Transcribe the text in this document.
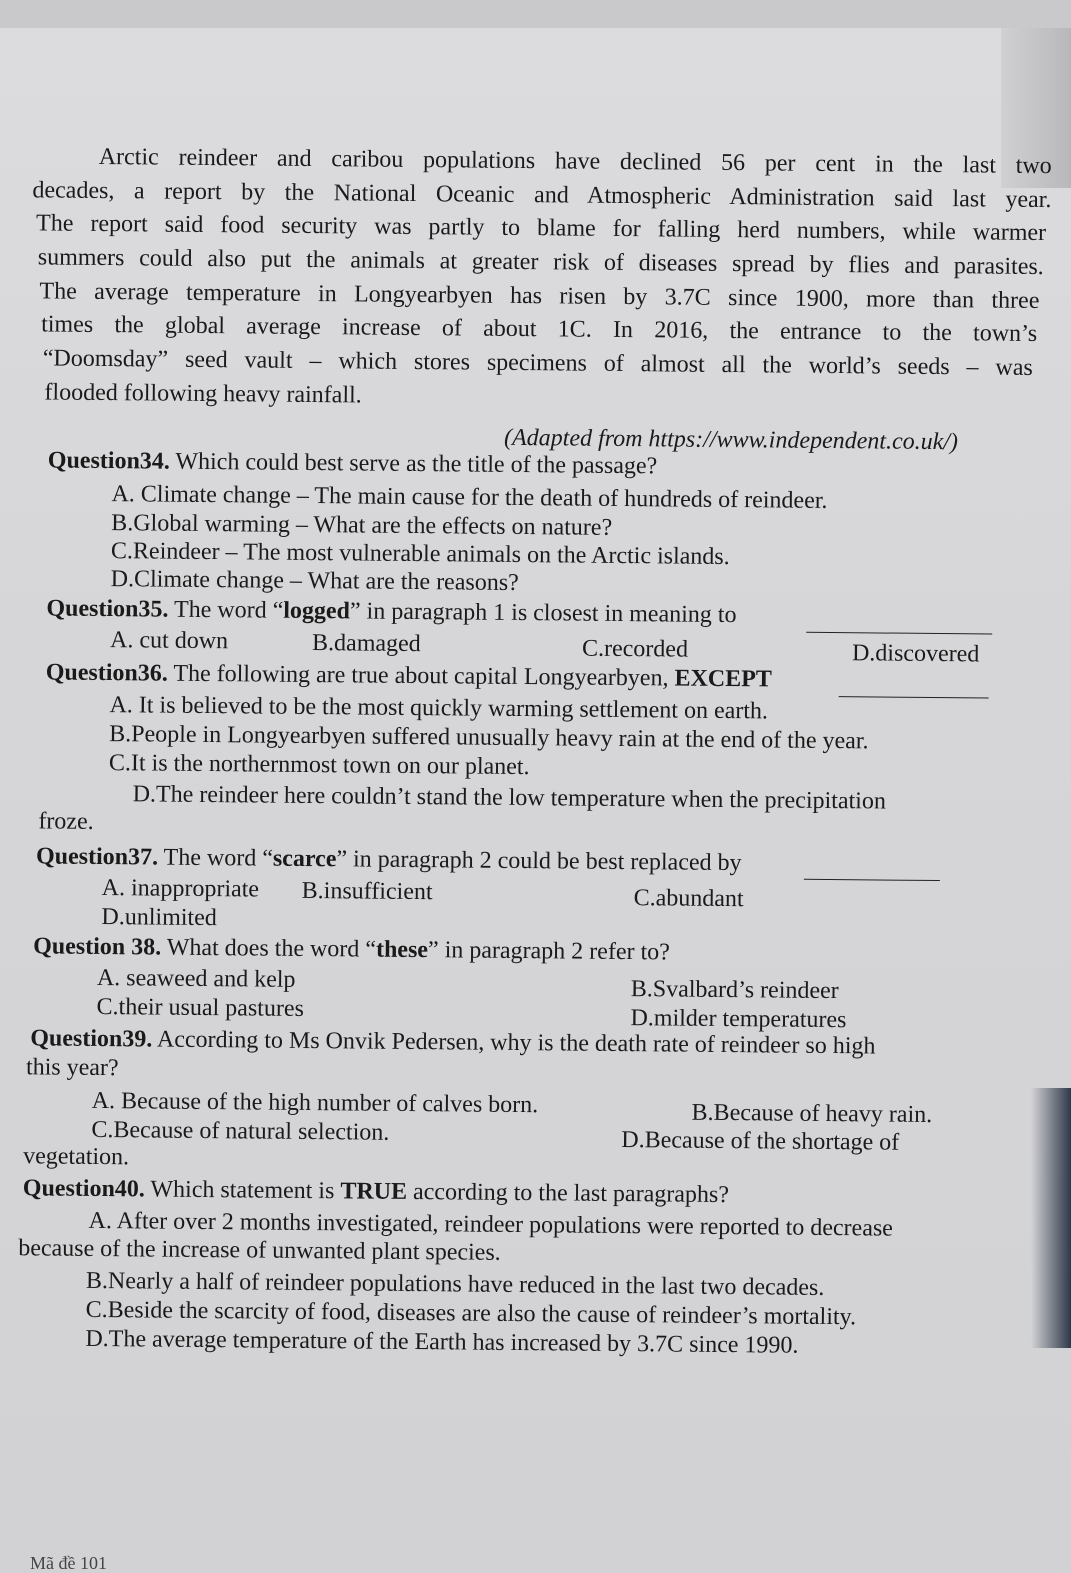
Arctic reindeer and caribou populations have declined 56 per cent in the last two
decades, a report by the National Oceanic and Atmospheric Administration said last year.
The report said food security was partly to blame for falling herd numbers, while warmer
summers could also put the animals at greater risk of diseases spread by flies and parasites.
The average temperature in Longyearbyen has risen by 3.7C since 1900, more than three
times the global average increase of about 1C. In 2016, the entrance to the town’s
“Doomsday” seed vault – which stores specimens of almost all the world’s seeds – was
flooded following heavy rainfall.
(Adapted from https://www.independent.co.uk/)
Question34. Which could best serve as the title of the passage?
A. Climate change – The main cause for the death of hundreds of reindeer.
B.Global warming – What are the effects on nature?
C.Reindeer – The most vulnerable animals on the Arctic islands.
D.Climate change – What are the reasons?
Question35. The word “logged” in paragraph 1 is closest in meaning to
A. cut down	B.damaged	C.recorded	D.discovered
Question36. The following are true about capital Longyearbyen, EXCEPT
A. It is believed to be the most quickly warming settlement on earth.
B.People in Longyearbyen suffered unusually heavy rain at the end of the year.
C.It is the northernmost town on our planet.
D.The reindeer here couldn’t stand the low temperature when the precipitation
froze.
Question37. The word “scarce” in paragraph 2 could be best replaced by
A. inappropriate B.insufficient	C.abundant
D.unlimited
Question 38. What does the word “these” in paragraph 2 refer to?
A. seaweed and kelp	B.Svalbard’s reindeer
C.their usual pastures	D.milder temperatures
Question39. According to Ms Onvik Pedersen, why is the death rate of reindeer so high
this year?
A. Because of the high number of calves born.	B.Because of heavy rain.
C.Because of natural selection.	D.Because of the shortage of
vegetation.
Question40. Which statement is TRUE according to the last paragraphs?
A. After over 2 months investigated, reindeer populations were reported to decrease
because of the increase of unwanted plant species.
B.Nearly a half of reindeer populations have reduced in the last two decades.
C.Beside the scarcity of food, diseases are also the cause of reindeer’s mortality.
D.The average temperature of the Earth has increased by 3.7C since 1990.
Mã đề 101
